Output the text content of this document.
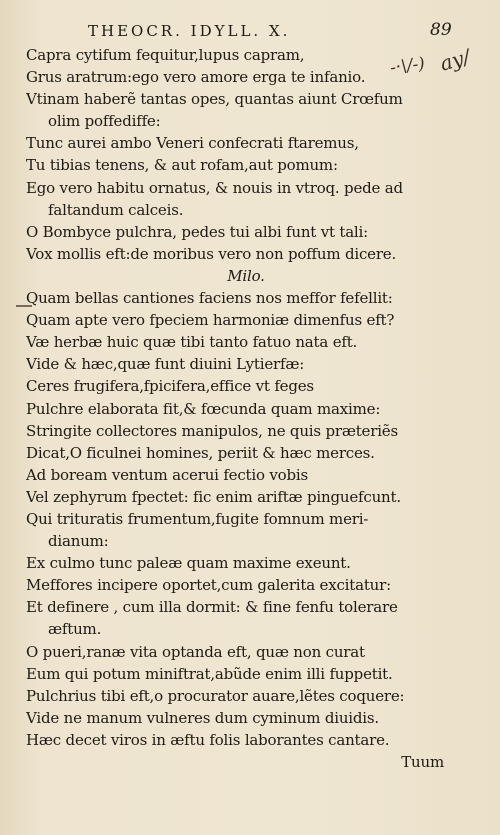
THEOCR. IDYLL. X.	89
-·\/-) ay/
Capra cytifum fequitur,lupus capram,
Grus aratrum:ego vero amore erga te infanio.
Vtinam haberẽ tantas opes, quantas aiunt Crœfum
olim poffediffe:
Tunc aurei ambo Veneri confecrati ftaremus,
Tu tibias tenens, & aut rofam,aut pomum:
Ego vero habitu ornatus, & nouis in vtroq. pede ad
faltandum calceis.
O Bombyce pulchra, pedes tui albi funt vt tali:
Vox mollis eft:de moribus vero non poffum dicere.
Milo.
Quam bellas cantiones faciens nos meffor fefellit:
Quam apte vero fpeciem harmoniæ dimenfus eft?
Væ herbæ huic quæ tibi tanto fatuo nata eft.
Vide & hæc,quæ funt diuini Lytierfæ:
Ceres frugifera,fpicifera,effice vt feges
Pulchre elaborata fit,& fœcunda quam maxime:
Stringite collectores manipulos, ne quis præteriẽs
Dicat,O ficulnei homines, periit & hæc merces.
Ad boream ventum acerui fectio vobis
Vel zephyrum fpectet: fic enim ariftæ pinguefcunt.
Qui trituratis frumentum,fugite fomnum meri-
dianum:
Ex culmo tunc paleæ quam maxime exeunt.
Meffores incipere oportet,cum galerita excitatur:
Et definere , cum illa dormit: & fine fenfu tolerare
æftum.
O pueri,ranæ vita optanda eft, quæ non curat
Eum qui potum miniftrat,abũde enim illi fuppetit.
Pulchrius tibi eft,o procurator auare,lẽtes coquere:
Vide ne manum vulneres dum cyminum diuidis.
Hæc decet viros in æftu folis laborantes cantare.
Tuum
